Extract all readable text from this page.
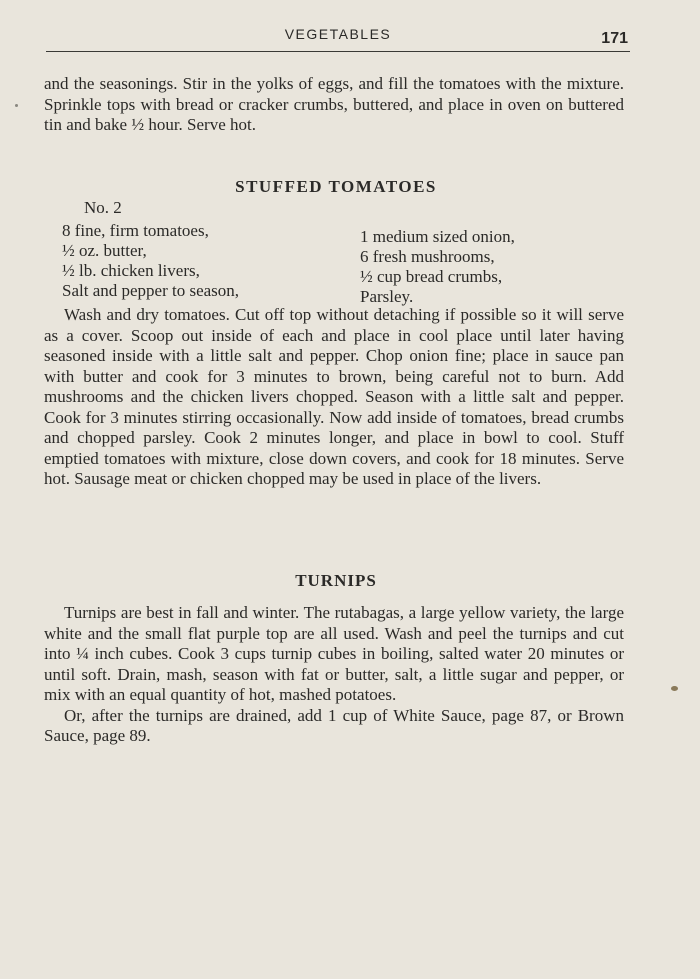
VEGETABLES	171

and the seasonings. Stir in the yolks of eggs, and fill the tomatoes with the mixture. Sprinkle tops with bread or cracker crumbs, buttered, and place in oven on buttered tin and bake ½ hour. Serve hot.

STUFFED TOMATOES
No. 2
8 fine, firm tomatoes,
½ oz. butter,
½ lb. chicken livers,
Salt and pepper to season,
1 medium sized onion,
6 fresh mushrooms,
½ cup bread crumbs,
Parsley.

Wash and dry tomatoes. Cut off top without detaching if possible so it will serve as a cover. Scoop out inside of each and place in cool place until later having seasoned inside with a little salt and pepper. Chop onion fine; place in sauce pan with butter and cook for 3 minutes to brown, being careful not to burn. Add mushrooms and the chicken livers chopped. Season with a little salt and pepper. Cook for 3 minutes stirring occasionally. Now add inside of tomatoes, bread crumbs and chopped parsley. Cook 2 minutes longer, and place in bowl to cool. Stuff emptied tomatoes with mixture, close down covers, and cook for 18 minutes. Serve hot. Sausage meat or chicken chopped may be used in place of the livers.

TURNIPS

Turnips are best in fall and winter. The rutabagas, a large yellow variety, the large white and the small flat purple top are all used. Wash and peel the turnips and cut into ¼ inch cubes. Cook 3 cups turnip cubes in boiling, salted water 20 minutes or until soft. Drain, mash, season with fat or butter, salt, a little sugar and pepper, or mix with an equal quantity of hot, mashed potatoes.

Or, after the turnips are drained, add 1 cup of White Sauce, page 87, or Brown Sauce, page 89.
